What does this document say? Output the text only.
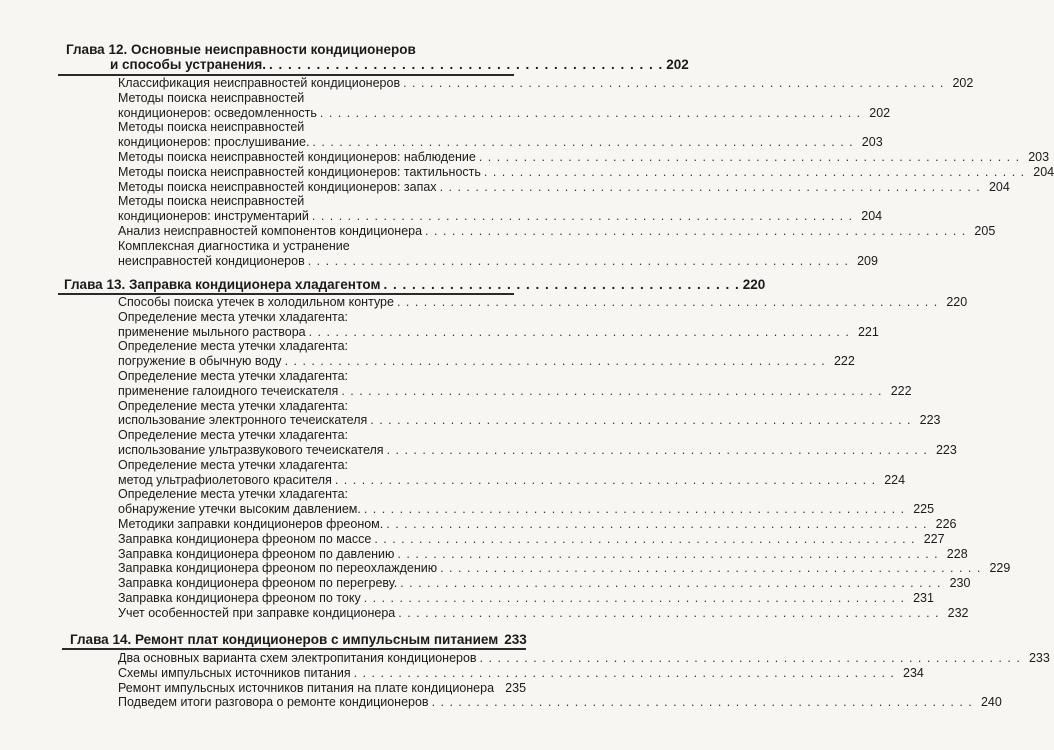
Глава 12. Основные неисправности кондиционеров
и способы устранения. . . . . . . . . . . . . . . . . . . . . . . . . . . . . . . . . . . . . . . . . . . 202
Классификация неисправностей кондиционеров . . . . . . . . . . . . . . . . . . . . . . . . . . . . . . . . . . . . . . . . . . . . . . . . . . . . . . . . . . . . . 202
Методы поиска неисправностей
кондиционеров: осведомленность . . . . . . . . . . . . . . . . . . . . . . . . . . . . . . . . . . . . . . . . . . . . . . . . . . . . . . . . . . . . . 202
Методы поиска неисправностей
кондиционеров: прослушивание. . . . . . . . . . . . . . . . . . . . . . . . . . . . . . . . . . . . . . . . . . . . . . . . . . . . . . . . . . . . . . 203
Методы поиска неисправностей кондиционеров: наблюдение . . . . . . . . . . . . . . . . . . . . . . . . . . . . . . . . . . . . . . . . . . . . . . . . . . . . . . . . . . . . . 203
Методы поиска неисправностей кондиционеров: тактильность . . . . . . . . . . . . . . . . . . . . . . . . . . . . . . . . . . . . . . . . . . . . . . . . . . . . . . . . . . . . . 204
Методы поиска неисправностей кондиционеров: запах . . . . . . . . . . . . . . . . . . . . . . . . . . . . . . . . . . . . . . . . . . . . . . . . . . . . . . . . . . . . . 204
Методы поиска неисправностей
кондиционеров: инструментарий . . . . . . . . . . . . . . . . . . . . . . . . . . . . . . . . . . . . . . . . . . . . . . . . . . . . . . . . . . . . . 204
Анализ неисправностей компонентов кондиционера . . . . . . . . . . . . . . . . . . . . . . . . . . . . . . . . . . . . . . . . . . . . . . . . . . . . . . . . . . . . . 205
Комплексная диагностика и устранение
неисправностей кондиционеров . . . . . . . . . . . . . . . . . . . . . . . . . . . . . . . . . . . . . . . . . . . . . . . . . . . . . . . . . . . . . 209
Глава 13. Заправка кондиционера хладагентом . . . . . . . . . . . . . . . . . . . . . . . . . . . . . . . . . . . . . . 220
Способы поиска утечек в холодильном контуре . . . . . . . . . . . . . . . . . . . . . . . . . . . . . . . . . . . . . . . . . . . . . . . . . . . . . . . . . . . . . 220
Определение места утечки хладагента:
применение мыльного раствора . . . . . . . . . . . . . . . . . . . . . . . . . . . . . . . . . . . . . . . . . . . . . . . . . . . . . . . . . . . . . 221
Определение места утечки хладагента:
погружение в обычную воду . . . . . . . . . . . . . . . . . . . . . . . . . . . . . . . . . . . . . . . . . . . . . . . . . . . . . . . . . . . . . 222
Определение места утечки хладагента:
применение галоидного течеискателя . . . . . . . . . . . . . . . . . . . . . . . . . . . . . . . . . . . . . . . . . . . . . . . . . . . . . . . . . . . . . 222
Определение места утечки хладагента:
использование электронного течеискателя . . . . . . . . . . . . . . . . . . . . . . . . . . . . . . . . . . . . . . . . . . . . . . . . . . . . . . . . . . . . . 223
Определение места утечки хладагента:
использование ультразвукового течеискателя . . . . . . . . . . . . . . . . . . . . . . . . . . . . . . . . . . . . . . . . . . . . . . . . . . . . . . . . . . . . . 223
Определение места утечки хладагента:
метод ультрафиолетового красителя . . . . . . . . . . . . . . . . . . . . . . . . . . . . . . . . . . . . . . . . . . . . . . . . . . . . . . . . . . . . . 224
Определение места утечки хладагента:
обнаружение утечки высоким давлением. . . . . . . . . . . . . . . . . . . . . . . . . . . . . . . . . . . . . . . . . . . . . . . . . . . . . . . . . . . . . . 225
Методики заправки кондиционеров фреоном. . . . . . . . . . . . . . . . . . . . . . . . . . . . . . . . . . . . . . . . . . . . . . . . . . . . . . . . . . . . . . 226
Заправка кондиционера фреоном по массе . . . . . . . . . . . . . . . . . . . . . . . . . . . . . . . . . . . . . . . . . . . . . . . . . . . . . . . . . . . . . 227
Заправка кондиционера фреоном по давлению . . . . . . . . . . . . . . . . . . . . . . . . . . . . . . . . . . . . . . . . . . . . . . . . . . . . . . . . . . . . . 228
Заправка кондиционера фреоном по переохлаждению . . . . . . . . . . . . . . . . . . . . . . . . . . . . . . . . . . . . . . . . . . . . . . . . . . . . . . . . . . . . . 229
Заправка кондиционера фреоном по перегреву. . . . . . . . . . . . . . . . . . . . . . . . . . . . . . . . . . . . . . . . . . . . . . . . . . . . . . . . . . . . . . 230
Заправка кондиционера фреоном по току . . . . . . . . . . . . . . . . . . . . . . . . . . . . . . . . . . . . . . . . . . . . . . . . . . . . . . . . . . . . . 231
Учет особенностей при заправке кондиционера . . . . . . . . . . . . . . . . . . . . . . . . . . . . . . . . . . . . . . . . . . . . . . . . . . . . . . . . . . . . . 232
Глава 14. Ремонт плат кондиционеров с импульсным питанием 233
Два основных варианта схем электропитания кондиционеров . . . . . . . . . . . . . . . . . . . . . . . . . . . . . . . . . . . . . . . . . . . . . . . . . . . . . . . . . . . . . 233
Схемы импульсных источников питания . . . . . . . . . . . . . . . . . . . . . . . . . . . . . . . . . . . . . . . . . . . . . . . . . . . . . . . . . . . . . 234
Ремонт импульсных источников питания на плате кондиционера 235
Подведем итоги разговора о ремонте кондиционеров . . . . . . . . . . . . . . . . . . . . . . . . . . . . . . . . . . . . . . . . . . . . . . . . . . . . . . . . . . . . . 240
